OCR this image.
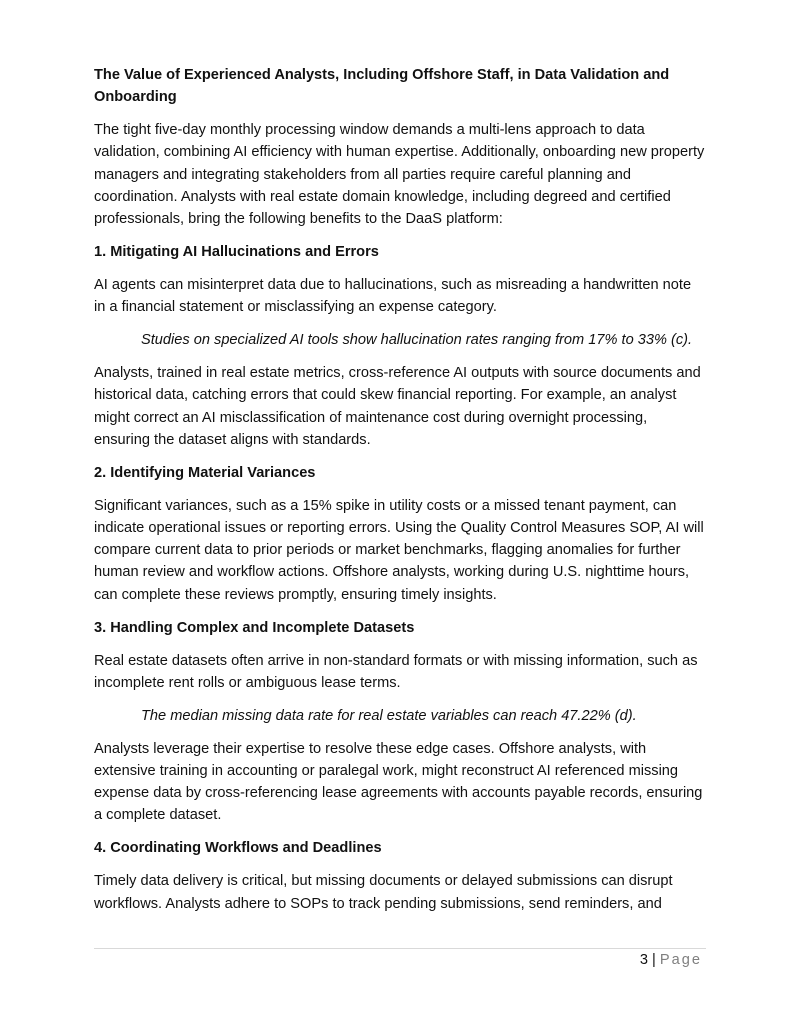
The Value of Experienced Analysts, Including Offshore Staff, in Data Validation and Onboarding

The tight five-day monthly processing window demands a multi-lens approach to data validation, combining AI efficiency with human expertise. Additionally, onboarding new property managers and integrating stakeholders from all parties require careful planning and coordination. Analysts with real estate domain knowledge, including degreed and certified professionals, bring the following benefits to the DaaS platform:

1. Mitigating AI Hallucinations and Errors

AI agents can misinterpret data due to hallucinations, such as misreading a handwritten note in a financial statement or misclassifying an expense category.

Studies on specialized AI tools show hallucination rates ranging from 17% to 33% (c).

Analysts, trained in real estate metrics, cross-reference AI outputs with source documents and historical data, catching errors that could skew financial reporting. For example, an analyst might correct an AI misclassification of maintenance cost during overnight processing, ensuring the dataset aligns with standards.

2. Identifying Material Variances

Significant variances, such as a 15% spike in utility costs or a missed tenant payment, can indicate operational issues or reporting errors. Using the Quality Control Measures SOP, AI will compare current data to prior periods or market benchmarks, flagging anomalies for further human review and workflow actions. Offshore analysts, working during U.S. nighttime hours, can complete these reviews promptly, ensuring timely insights.

3. Handling Complex and Incomplete Datasets

Real estate datasets often arrive in non-standard formats or with missing information, such as incomplete rent rolls or ambiguous lease terms.

The median missing data rate for real estate variables can reach 47.22% (d).

Analysts leverage their expertise to resolve these edge cases. Offshore analysts, with extensive training in accounting or paralegal work, might reconstruct AI referenced missing expense data by cross-referencing lease agreements with accounts payable records, ensuring a complete dataset.

4. Coordinating Workflows and Deadlines

Timely data delivery is critical, but missing documents or delayed submissions can disrupt workflows. Analysts adhere to SOPs to track pending submissions, send reminders, and

3 | Page
